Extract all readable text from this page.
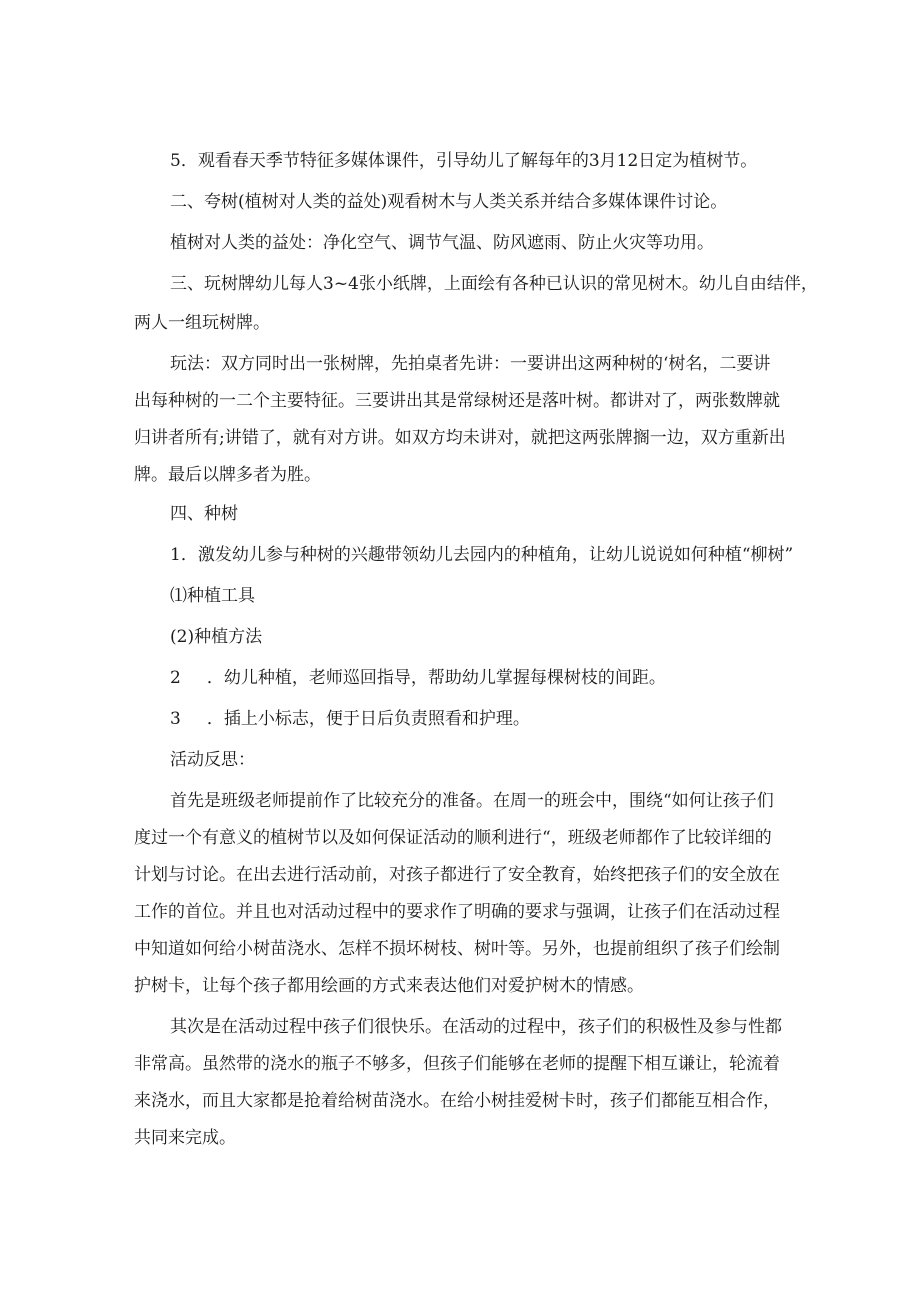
5．观看春天季节特征多媒体课件，引导幼儿了解每年的3月12日定为植树节。
二、夸树(植树对人类的益处)观看树木与人类关系并结合多媒体课件讨论。
植树对人类的益处：净化空气、调节气温、防风遮雨、防止火灾等功用。
三、玩树牌幼儿每人3~4张小纸牌，上面绘有各种已认识的常见树木。幼儿自由结伴，
两人一组玩树牌。
玩法：双方同时出一张树牌，先拍桌者先讲：一要讲出这两种树的‘树名，二要讲
出每种树的一二个主要特征。三要讲出其是常绿树还是落叶树。都讲对了，两张数牌就
归讲者所有;讲错了，就有对方讲。如双方均未讲对，就把这两张牌搁一边，双方重新出
牌。最后以牌多者为胜。
四、种树
1．激发幼儿参与种树的兴趣带领幼儿去园内的种植角，让幼儿说说如何种植“柳树”
⑴种植工具
(2)种植方法
2 ．幼儿种植，老师巡回指导，帮助幼儿掌握每棵树枝的间距。
3 ．插上小标志，便于日后负责照看和护理。
活动反思：
首先是班级老师提前作了比较充分的准备。在周一的班会中，围绕“如何让孩子们
度过一个有意义的植树节以及如何保证活动的顺利进行“，班级老师都作了比较详细的
计划与讨论。在出去进行活动前，对孩子都进行了安全教育，始终把孩子们的安全放在
工作的首位。并且也对活动过程中的要求作了明确的要求与强调，让孩子们在活动过程
中知道如何给小树苗浇水、怎样不损坏树枝、树叶等。另外，也提前组织了孩子们绘制
护树卡，让每个孩子都用绘画的方式来表达他们对爱护树木的情感。
其次是在活动过程中孩子们很快乐。在活动的过程中，孩子们的积极性及参与性都
非常高。虽然带的浇水的瓶子不够多，但孩子们能够在老师的提醒下相互谦让，轮流着
来浇水，而且大家都是抢着给树苗浇水。在给小树挂爱树卡时，孩子们都能互相合作，
共同来完成。
